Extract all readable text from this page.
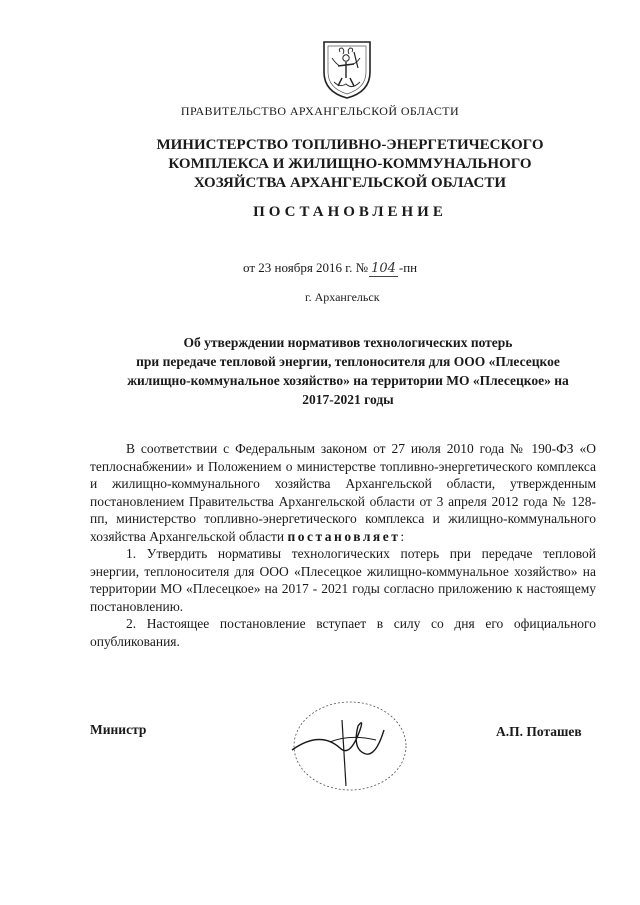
ПРАВИТЕЛЬСТВО АРХАНГЕЛЬСКОЙ ОБЛАСТИ
МИНИСТЕРСТВО ТОПЛИВНО-ЭНЕРГЕТИЧЕСКОГО
КОМПЛЕКСА И ЖИЛИЩНО-КОММУНАЛЬНОГО
ХОЗЯЙСТВА АРХАНГЕЛЬСКОЙ ОБЛАСТИ
ПОСТАНОВЛЕНИЕ
от 23 ноября 2016 г. № 104 -пн
г. Архангельск
Об утверждении нормативов технологических потерь
при передаче тепловой энергии, теплоносителя для ООО «Плесецкое
жилищно-коммунальное хозяйство» на территории МО «Плесецкое» на
2017-2021 годы

В соответствии с Федеральным законом от 27 июля 2010 года № 190-ФЗ «О теплоснабжении» и Положением о министерстве топливно-энергетического комплекса и жилищно-коммунального хозяйства Архангельской области, утвержденным постановлением Правительства Архангельской области от 3 апреля 2012 года № 128-пп, министерство топливно-энергетического комплекса и жилищно-коммунального хозяйства Архангельской области постановляет:

1. Утвердить нормативы технологических потерь при передаче тепловой энергии, теплоносителя для ООО «Плесецкое жилищно-коммунальное хозяйство» на территории МО «Плесецкое» на 2017 - 2021 годы согласно приложению к настоящему постановлению.

2. Настоящее постановление вступает в силу со дня его официального опубликования.

Министр	А.П. Поташев
